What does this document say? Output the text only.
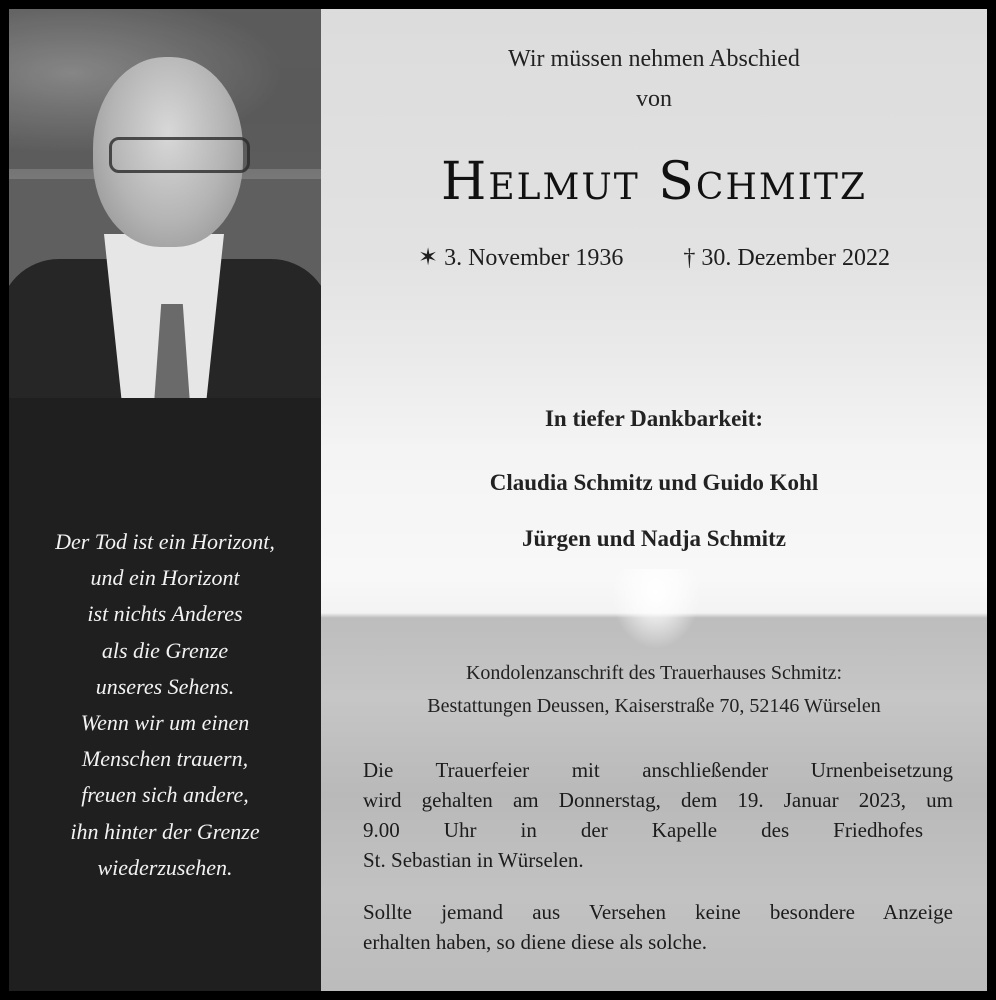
Der Tod ist ein Horizont,
und ein Horizont
ist nichts Anderes
als die Grenze
unseres Sehens.
Wenn wir um einen
Menschen trauern,
freuen sich andere,
ihn hinter der Grenze
wiederzusehen.
Wir müssen nehmen Abschied
von
Helmut Schmitz
✶ 3. November 1936	† 30. Dezember 2022
In tiefer Dankbarkeit:
Claudia Schmitz und Guido Kohl
Jürgen und Nadja Schmitz
Kondolenzanschrift des Trauerhauses Schmitz:
Bestattungen Deussen, Kaiserstraße 70, 52146 Würselen
Die Trauerfeier mit anschließender Urnenbeisetzung
wird gehalten am Donnerstag, dem 19. Januar 2023, um
9.00 Uhr in der Kapelle des Friedhofes
St. Sebastian in Würselen.
Sollte jemand aus Versehen keine besondere Anzeige
erhalten haben, so diene diese als solche.
